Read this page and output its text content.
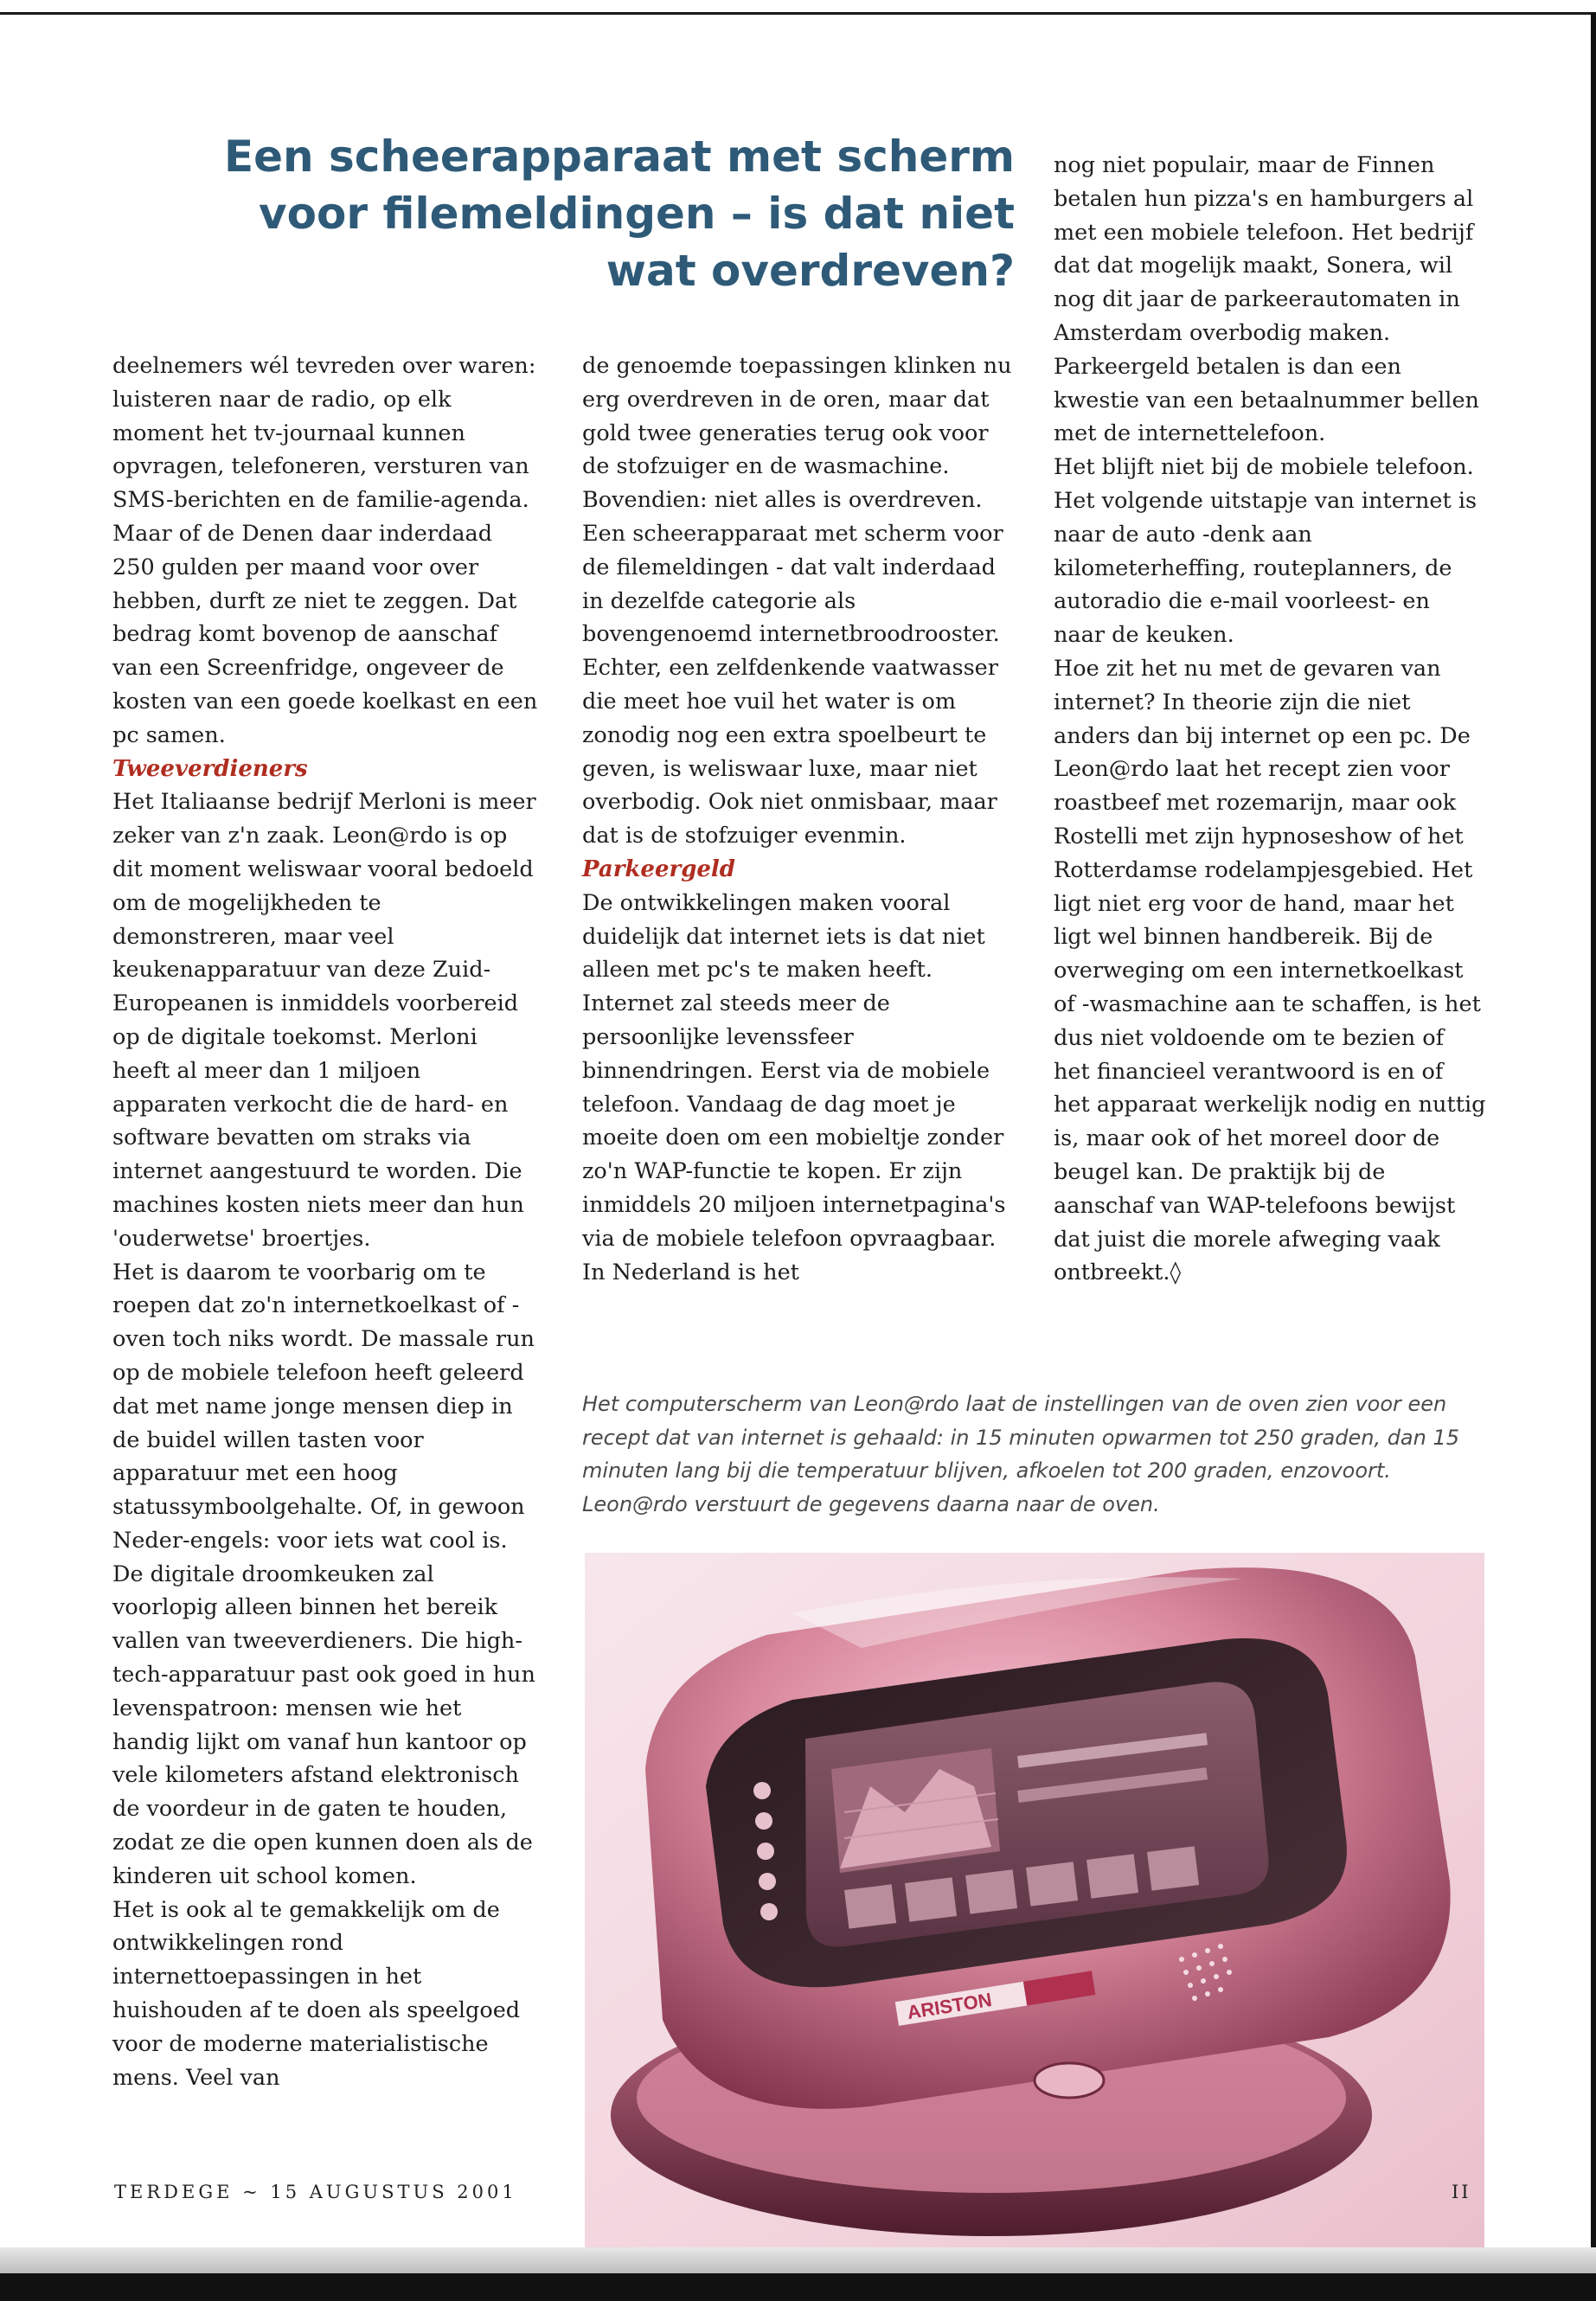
Een scheerapparaat met scherm voor filemeldingen – is dat niet wat overdreven?

deelnemers wél tevreden over waren: luisteren naar de radio, op elk moment het tv-journaal kunnen opvragen, telefoneren, versturen van SMS-berichten en de familie-agenda. Maar of de Denen daar inderdaad 250 gulden per maand voor over hebben, durft ze niet te zeggen. Dat bedrag komt bovenop de aanschaf van een Screenfridge, ongeveer de kosten van een goede koelkast en een pc samen.

Tweeverdieners

Het Italiaanse bedrijf Merloni is meer zeker van z'n zaak. Leon@rdo is op dit moment weliswaar vooral bedoeld om de mogelijkheden te demonstreren, maar veel keukenapparatuur van deze Zuid-Europeanen is inmiddels voorbereid op de digitale toekomst. Merloni heeft al meer dan 1 miljoen apparaten verkocht die de hard- en software bevatten om straks via internet aangestuurd te worden. Die machines kosten niets meer dan hun 'ouderwetse' broertjes.

Het is daarom te voorbarig om te roepen dat zo'n internetkoelkast of -oven toch niks wordt. De massale run op de mobiele telefoon heeft geleerd dat met name jonge mensen diep in de buidel willen tasten voor apparatuur met een hoog statussymboolgehalte. Of, in gewoon Neder-engels: voor iets wat cool is. De digitale droomkeuken zal voorlopig alleen binnen het bereik vallen van tweeverdieners. Die high-tech-apparatuur past ook goed in hun levenspatroon: mensen wie het handig lijkt om vanaf hun kantoor op vele kilometers afstand elektronisch de voordeur in de gaten te houden, zodat ze die open kunnen doen als de kinderen uit school komen.

Het is ook al te gemakkelijk om de ontwikkelingen rond internettoepassingen in het huishouden af te doen als speelgoed voor de moderne materialistische mens. Veel van

de genoemde toepassingen klinken nu erg overdreven in de oren, maar dat gold twee generaties terug ook voor de stofzuiger en de wasmachine. Bovendien: niet alles is overdreven. Een scheerapparaat met scherm voor de filemeldingen - dat valt inderdaad in dezelfde categorie als bovengenoemd internetbroodrooster. Echter, een zelfdenkende vaatwasser die meet hoe vuil het water is om zonodig nog een extra spoelbeurt te geven, is weliswaar luxe, maar niet overbodig. Ook niet onmisbaar, maar dat is de stofzuiger evenmin.

Parkeergeld

De ontwikkelingen maken vooral duidelijk dat internet iets is dat niet alleen met pc's te maken heeft. Internet zal steeds meer de persoonlijke levenssfeer binnendringen. Eerst via de mobiele telefoon. Vandaag de dag moet je moeite doen om een mobieltje zonder zo'n WAP-functie te kopen. Er zijn inmiddels 20 miljoen internetpagina's via de mobiele telefoon opvraagbaar. In Nederland is het

nog niet populair, maar de Finnen betalen hun pizza's en hamburgers al met een mobiele telefoon. Het bedrijf dat dat mogelijk maakt, Sonera, wil nog dit jaar de parkeerautomaten in Amsterdam overbodig maken. Parkeergeld betalen is dan een kwestie van een betaalnummer bellen met de internettelefoon.

Het blijft niet bij de mobiele telefoon. Het volgende uitstapje van internet is naar de auto -denk aan kilometerheffing, routeplanners, de autoradio die e-mail voorleest- en naar de keuken.

Hoe zit het nu met de gevaren van internet? In theorie zijn die niet anders dan bij internet op een pc. De Leon@rdo laat het recept zien voor roastbeef met rozemarijn, maar ook Rostelli met zijn hypnoseshow of het Rotterdamse rodelampjesgebied. Het ligt niet erg voor de hand, maar het ligt wel binnen handbereik. Bij de overweging om een internetkoelkast of -wasmachine aan te schaffen, is het dus niet voldoende om te bezien of het financieel verantwoord is en of het apparaat werkelijk nodig en nuttig is, maar ook of het moreel door de beugel kan. De praktijk bij de aanschaf van WAP-telefoons bewijst dat juist die morele afweging vaak ontbreekt.◊

Het computerscherm van Leon@rdo laat de instellingen van de oven zien voor een recept dat van internet is gehaald: in 15 minuten opwarmen tot 250 graden, dan 15 minuten lang bij die temperatuur blijven, afkoelen tot 200 graden, enzovoort. Leon@rdo verstuurt de gegevens daarna naar de oven.

ARISTON
TERDEGE ~ 15 AUGUSTUS 2001	II
